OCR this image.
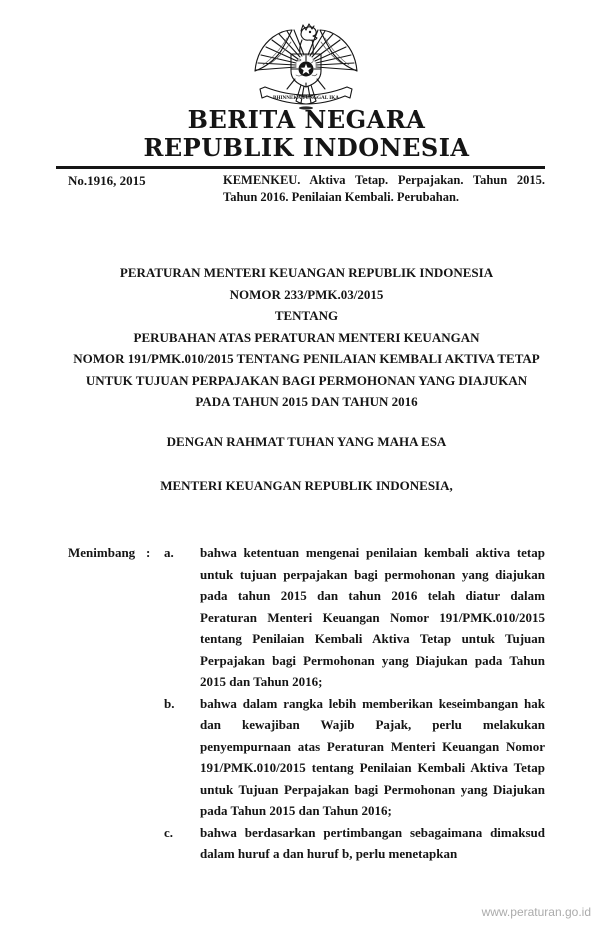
BHINNEKA TUNGGAL IKA
BERITA NEGARA
REPUBLIK INDONESIA
No.1916, 2015	KEMENKEU. Aktiva Tetap. Perpajakan. Tahun 2015. Tahun 2016. Penilaian Kembali. Perubahan.
PERATURAN MENTERI KEUANGAN REPUBLIK INDONESIA
NOMOR 233/PMK.03/2015
TENTANG
PERUBAHAN ATAS PERATURAN MENTERI KEUANGAN
NOMOR 191/PMK.010/2015 TENTANG PENILAIAN KEMBALI AKTIVA TETAP
UNTUK TUJUAN PERPAJAKAN BAGI PERMOHONAN YANG DIAJUKAN
PADA TAHUN 2015 DAN TAHUN 2016
DENGAN RAHMAT TUHAN YANG MAHA ESA
MENTERI KEUANGAN REPUBLIK INDONESIA,
Menimbang :	a.	bahwa ketentuan mengenai penilaian kembali aktiva tetap untuk tujuan perpajakan bagi permohonan yang diajukan pada tahun 2015 dan tahun 2016 telah diatur dalam Peraturan Menteri Keuangan Nomor 191/PMK.010/2015 tentang Penilaian Kembali Aktiva Tetap untuk Tujuan Perpajakan bagi Permohonan yang Diajukan pada Tahun 2015 dan Tahun 2016;
b.	bahwa dalam rangka lebih memberikan keseimbangan hak dan kewajiban Wajib Pajak, perlu melakukan penyempurnaan atas Peraturan Menteri Keuangan Nomor 191/PMK.010/2015 tentang Penilaian Kembali Aktiva Tetap untuk Tujuan Perpajakan bagi Permohonan yang Diajukan pada Tahun 2015 dan Tahun 2016;
c.	bahwa berdasarkan pertimbangan sebagaimana dimaksud dalam huruf a dan huruf b, perlu menetapkan
www.peraturan.go.id
